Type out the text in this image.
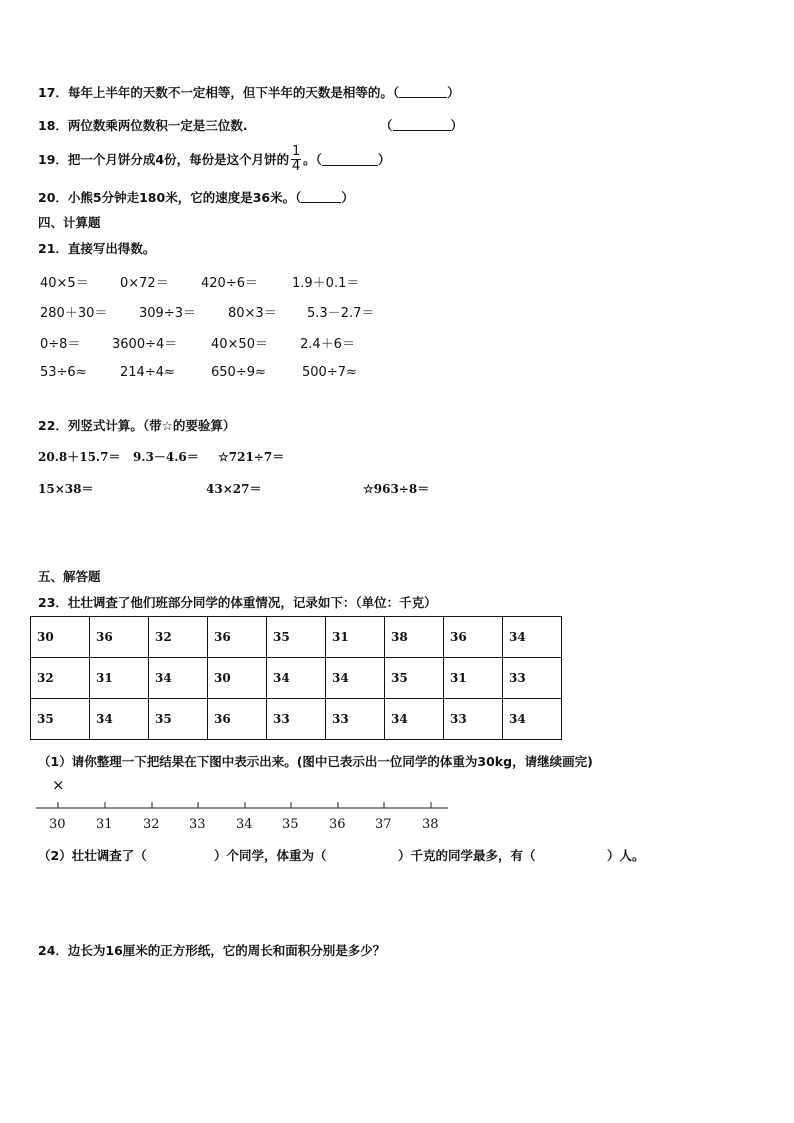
17．每年上半年的天数不一定相等，但下半年的天数是相等的。（	）
18．两位数乘两位数积一定是三位数.	（	）
19． 把一个月饼分成4份，每份是这个月饼的 $\frac{1}{4}$ 。（	）
20．小熊5分钟走180米，它的速度是36米。（	）
四、计算题
21．直接写出得数。
40×5＝ 0×72＝ 420÷6＝	1.9＋0.1＝
280＋30＝ 309÷3＝ 80×3＝ 5.3－2.7＝
0÷8＝ 3600÷4＝	40×50＝ 2.4＋6＝
53÷6≈	214÷4≈	650÷9≈	500÷7≈
22．列竖式计算。（带☆的要验算）
20.8＋15.7＝ 9.3－4.6＝ ☆721÷7＝
15×38＝	43×27＝	☆963÷8＝
五、解答题
23．壮壮调查了他们班部分同学的体重情况，记录如下：（单位：千克）
30	36	32	36	35	31	38	36	34
32	31	34	30	34	34	35	31	33
35	34	35	36	33	33	34	33	34
（1）请你整理一下把结果在下图中表示出来。(图中已表示出一位同学的体重为30kg，请继续画完)
×
30 31 32 33 34 35 36 37 38
（2）壮壮调查了（	）个同学，体重为（	）千克的同学最多，有（	）人。
24．边长为16厘米的正方形纸，它的周长和面积分别是多少？
